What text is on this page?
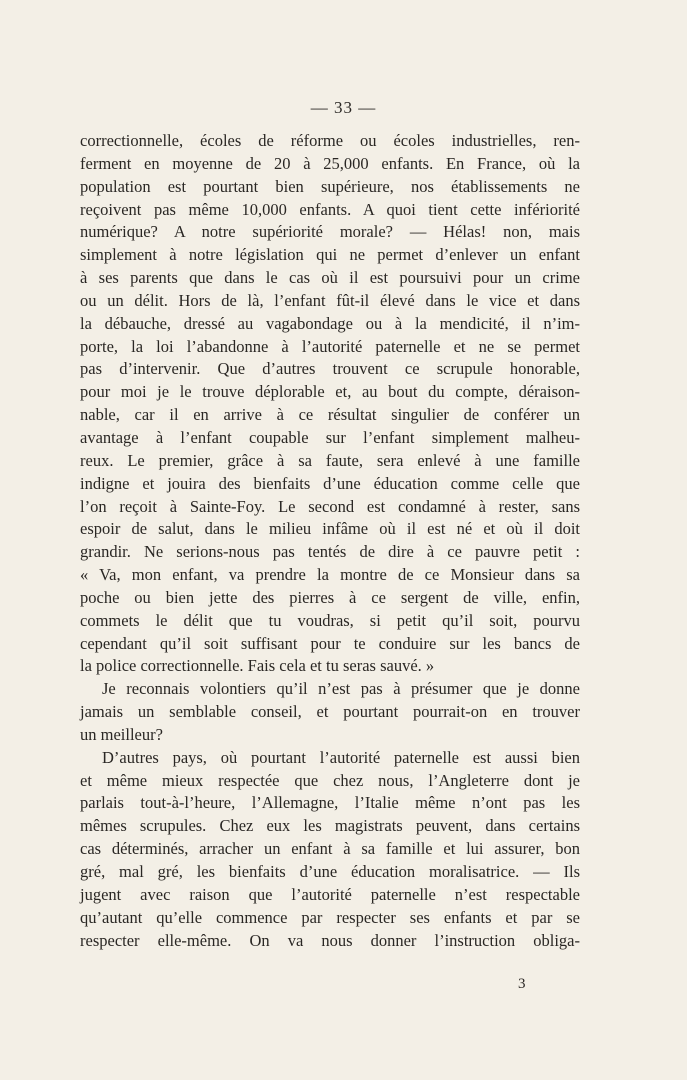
— 33 —
correctionnelle, écoles de réforme ou écoles industrielles, ren-
ferment en moyenne de 20 à 25,000 enfants. En France, où la
population est pourtant bien supérieure, nos établissements ne
reçoivent pas même 10,000 enfants. A quoi tient cette infériorité
numérique? A notre supériorité morale? — Hélas! non, mais
simplement à notre législation qui ne permet d’enlever un enfant
à ses parents que dans le cas où il est poursuivi pour un crime
ou un délit. Hors de là, l’enfant fût-il élevé dans le vice et dans
la débauche, dressé au vagabondage ou à la mendicité, il n’im-
porte, la loi l’abandonne à l’autorité paternelle et ne se permet
pas d’intervenir. Que d’autres trouvent ce scrupule honorable,
pour moi je le trouve déplorable et, au bout du compte, déraison-
nable, car il en arrive à ce résultat singulier de conférer un
avantage à l’enfant coupable sur l’enfant simplement malheu-
reux. Le premier, grâce à sa faute, sera enlevé à une famille
indigne et jouira des bienfaits d’une éducation comme celle que
l’on reçoit à Sainte-Foy. Le second est condamné à rester, sans
espoir de salut, dans le milieu infâme où il est né et où il doit
grandir. Ne serions-nous pas tentés de dire à ce pauvre petit :
« Va, mon enfant, va prendre la montre de ce Monsieur dans sa
poche ou bien jette des pierres à ce sergent de ville, enfin,
commets le délit que tu voudras, si petit qu’il soit, pourvu
cependant qu’il soit suffisant pour te conduire sur les bancs de
la police correctionnelle. Fais cela et tu seras sauvé. »
Je reconnais volontiers qu’il n’est pas à présumer que je donne
jamais un semblable conseil, et pourtant pourrait-on en trouver
un meilleur?
D’autres pays, où pourtant l’autorité paternelle est aussi bien
et même mieux respectée que chez nous, l’Angleterre dont je
parlais tout-à-l’heure, l’Allemagne, l’Italie même n’ont pas les
mêmes scrupules. Chez eux les magistrats peuvent, dans certains
cas déterminés, arracher un enfant à sa famille et lui assurer, bon
gré, mal gré, les bienfaits d’une éducation moralisatrice. — Ils
jugent avec raison que l’autorité paternelle n’est respectable
qu’autant qu’elle commence par respecter ses enfants et par se
respecter elle-même. On va nous donner l’instruction obliga-
3
